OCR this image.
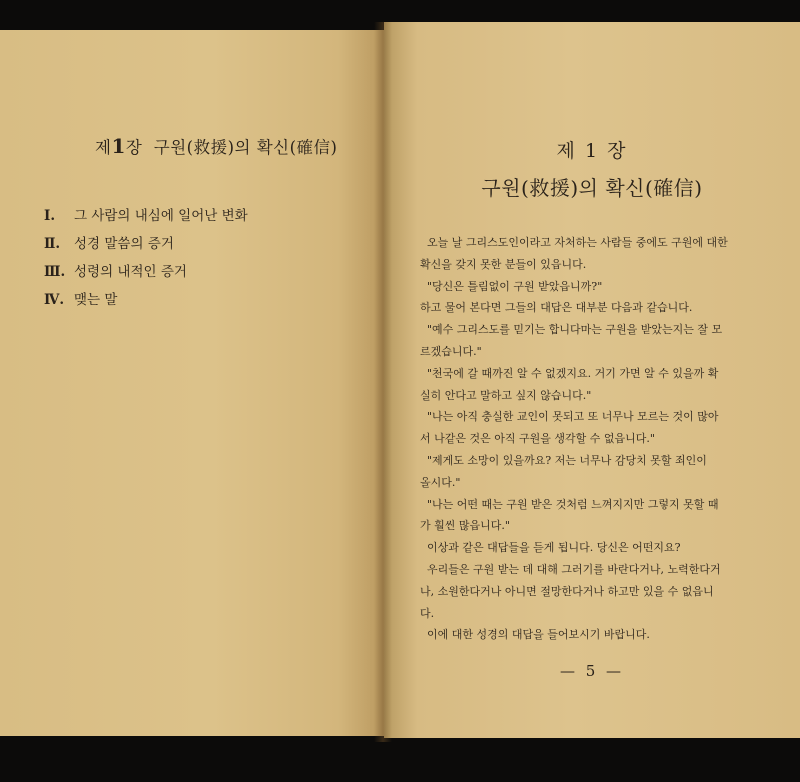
제1장  구원(救援)의 확신(確信)
Ⅰ. 그 사람의 내심에 일어난 변화
Ⅱ. 성경 말씀의 증거
Ⅲ. 성령의 내적인 증거
Ⅳ. 맺는 말
제 1 장
구원(救援)의 확신(確信)

오늘 날 그리스도인이라고 자처하는 사람들 중에도 구원에 대한

확신을 갖지 못한 분들이 있읍니다.

"당신은 틀림없이 구원 받았읍니까?"

하고 물어 본다면 그들의 대답은 대부분 다음과 같습니다.

"예수 그리스도를 믿기는 합니다마는 구원을 받았는지는 잘 모

르겠습니다."

"천국에 갈 때까진 알 수 없겠지요. 거기 가면 알 수 있을까 확

실히 안다고 말하고 싶지 않습니다."

"나는 아직 충실한 교인이 못되고 또 너무나 모르는 것이 많아

서 나같은 것은 아직 구원을 생각할 수 없읍니다."

"제게도 소망이 있을까요? 저는 너무나 감당치 못할 죄인이

올시다."

"나는 어떤 때는 구원 받은 것처럼 느껴지지만 그렇지 못할 때

가 훨씬 많읍니다."

이상과 같은 대답들을 듣게 됩니다. 당신은 어떤지요?

우리들은 구원 받는 데 대해 그러기를 바란다거나, 노력한다거

나, 소원한다거나 아니면 절망한다거나 하고만 있을 수 없읍니

다.

이에 대한 성경의 대답을 들어보시기 바랍니다.

— 5 —
